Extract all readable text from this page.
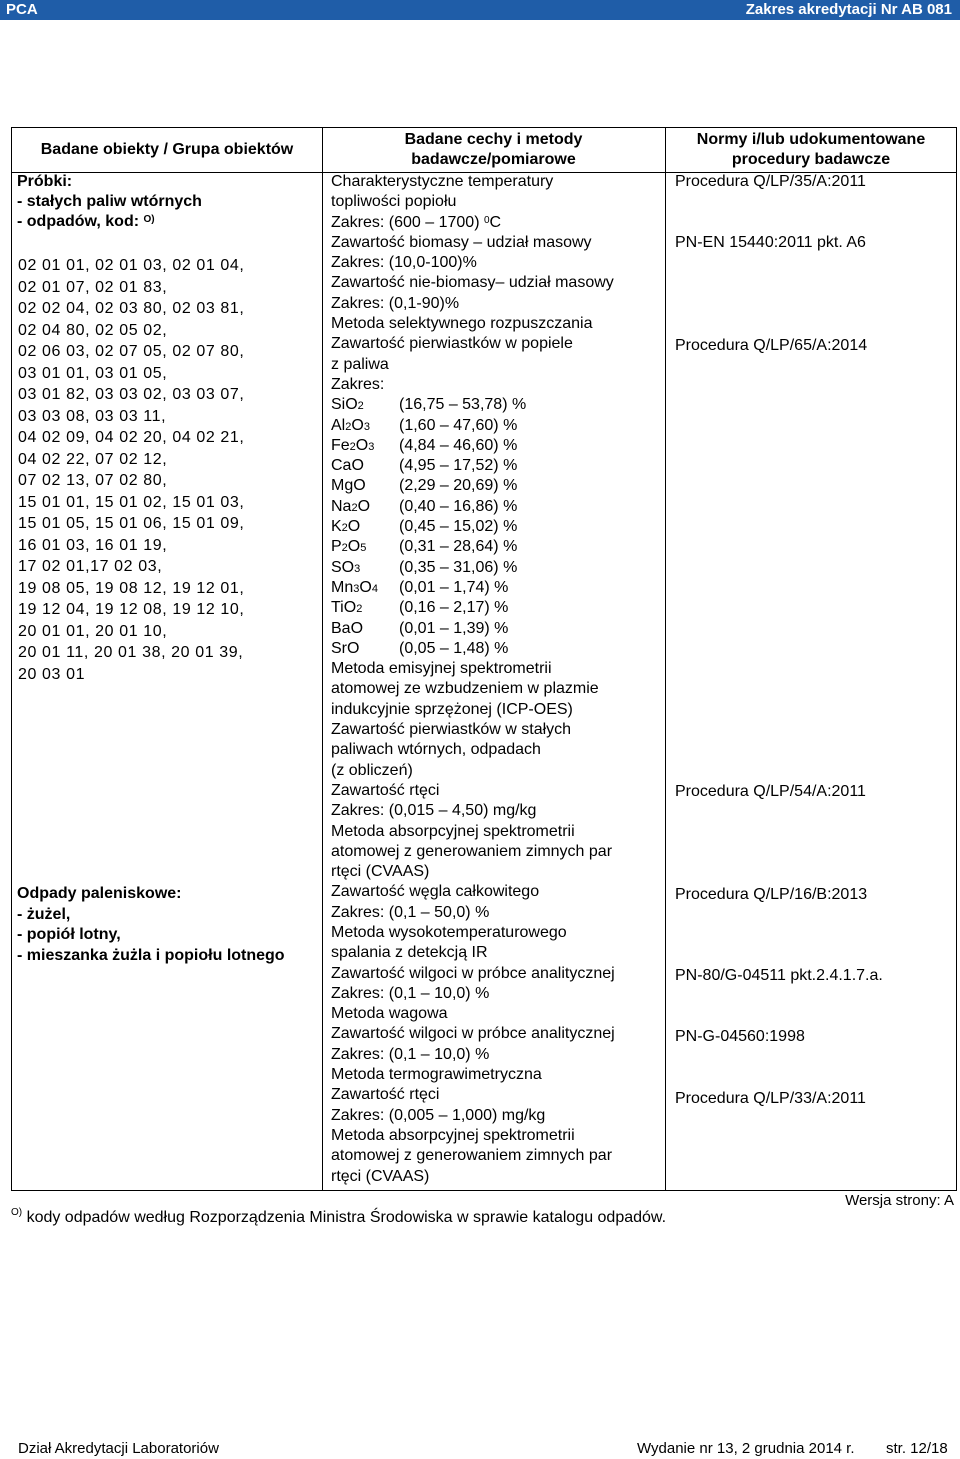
PCA	Zakres akredytacji Nr AB 081
Badane obiekty / Grupa obiektów
Badane cechy i metody
badawcze/pomiarowe
Normy i/lub udokumentowane
procedury badawcze
Próbki:
- stałych paliw wtórnych
- odpadów, kod: $^{O)}$
02 01 01, 02 01 03, 02 01 04,
02 01 07, 02 01 83,
02 02 04, 02 03 80, 02 03 81,
02 04 80, 02 05 02,
02 06 03, 02 07 05, 02 07 80,
03 01 01, 03 01 05,
03 01 82, 03 03 02, 03 03 07,
03 03 08, 03 03 11,
04 02 09, 04 02 20, 04 02 21,
04 02 22, 07 02 12,
07 02 13, 07 02 80,
15 01 01, 15 01 02, 15 01 03,
15 01 05, 15 01 06, 15 01 09,
16 01 03, 16 01 19,
17 02 01,17 02 03,
19 08 05, 19 08 12, 19 12 01,
19 12 04, 19 12 08, 19 12 10,
20 01 01, 20 01 10,
20 01 11, 20 01 38, 20 01 39,
20 03 01
Odpady paleniskowe:
- żużel,
- popiół lotny,
- mieszanka żużla i popiołu lotnego
Charakterystyczne temperatury
topliwości popiołu
Zakres: (600 – 1700) $^0$C
Zawartość biomasy – udział masowy
Zakres: (10,0-100)%
Zawartość nie-biomasy– udział masowy
Zakres: (0,1-90)%
Metoda selektywnego rozpuszczania
Zawartość pierwiastków w popiele
z paliwa
Zakres:
SiO2 (16,75 – 53,78) %
Al2O3 (1,60 – 47,60) %
Fe2O3 (4,84 – 46,60) %
CaO (4,95 – 17,52) %
MgO (2,29 – 20,69) %
Na2O (0,40 – 16,86) %
K2O (0,45 – 15,02) %
P2O5 (0,31 – 28,64) %
SO3 (0,35 – 31,06) %
Mn3O4 (0,01 – 1,74) %
TiO2 (0,16 – 2,17) %
BaO (0,01 – 1,39) %
SrO (0,05 – 1,48) %
Metoda emisyjnej spektrometrii
atomowej ze wzbudzeniem w plazmie
indukcyjnie sprzężonej (ICP-OES)
Zawartość pierwiastków w stałych
paliwach wtórnych, odpadach
(z obliczeń)
Zawartość rtęci
Zakres: (0,015 – 4,50) mg/kg
Metoda absorpcyjnej spektrometrii
atomowej z generowaniem zimnych par
rtęci (CVAAS)
Zawartość węgla całkowitego
Zakres: (0,1 – 50,0) %
Metoda wysokotemperaturowego
spalania z detekcją IR
Zawartość wilgoci w próbce analitycznej
Zakres: (0,1 – 10,0) %
Metoda wagowa
Zawartość wilgoci w próbce analitycznej
Zakres: (0,1 – 10,0) %
Metoda termograwimetryczna
Zawartość rtęci
Zakres: (0,005 – 1,000) mg/kg
Metoda absorpcyjnej spektrometrii
atomowej z generowaniem zimnych par
rtęci (CVAAS)
Procedura Q/LP/35/A:2011
PN-EN 15440:2011 pkt. A6
Procedura Q/LP/65/A:2014
Procedura Q/LP/54/A:2011
Procedura Q/LP/16/B:2013
PN-80/G-04511 pkt.2.4.1.7.a.
PN-G-04560:1998
Procedura Q/LP/33/A:2011
Wersja strony: A
$^{O)}$ kody odpadów według Rozporządzenia Ministra Środowiska w sprawie katalogu odpadów.
Dział Akredytacji Laboratoriów	Wydanie nr 13, 2 grudnia 2014 r. str. 12/18
